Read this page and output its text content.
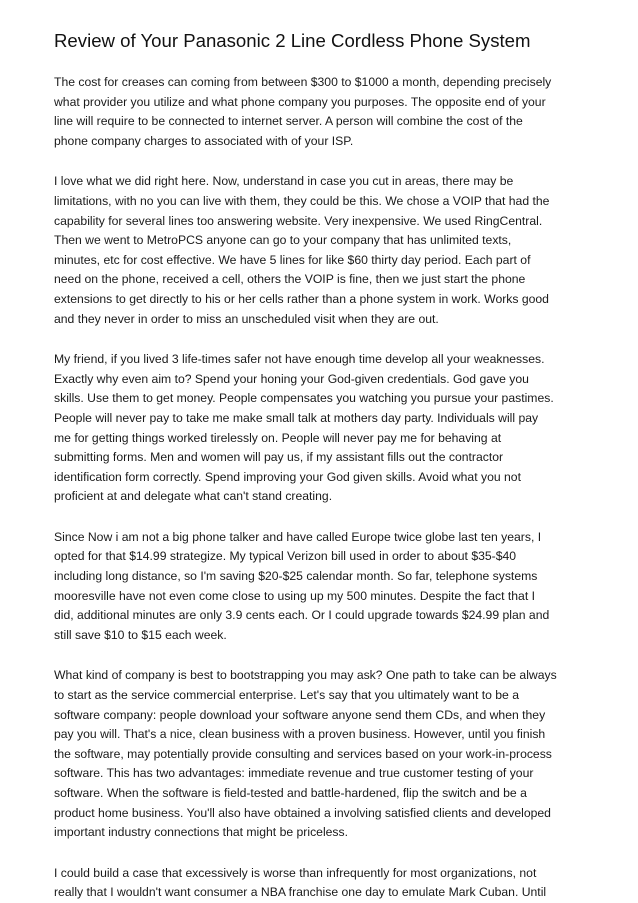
Review of Your Panasonic 2 Line Cordless Phone System

The cost for creases can coming from between $300 to $1000 a month, depending precisely
what provider you utilize and what phone company you purposes. The opposite end of your
line will require to be connected to internet server. A person will combine the cost of the
phone company charges to associated with of your ISP.

I love what we did right here. Now, understand in case you cut in areas, there may be
limitations, with no you can live with them, they could be this. We chose a VOIP that had the
capability for several lines too answering website. Very inexpensive. We used RingCentral.
Then we went to MetroPCS anyone can go to your company that has unlimited texts,
minutes, etc for cost effective. We have 5 lines for like $60 thirty day period. Each part of
need on the phone, received a cell, others the VOIP is fine, then we just start the phone
extensions to get directly to his or her cells rather than a phone system in work. Works good
and they never in order to miss an unscheduled visit when they are out.

My friend, if you lived 3 life-times safer not have enough time develop all your weaknesses.
Exactly why even aim to? Spend your honing your God-given credentials. God gave you
skills. Use them to get money. People compensates you watching you pursue your pastimes.
People will never pay to take me make small talk at mothers day party. Individuals will pay
me for getting things worked tirelessly on. People will never pay me for behaving at
submitting forms. Men and women will pay us, if my assistant fills out the contractor
identification form correctly. Spend improving your God given skills. Avoid what you not
proficient at and delegate what can't stand creating.

Since Now i am not a big phone talker and have called Europe twice globe last ten years, I
opted for that $14.99 strategize. My typical Verizon bill used in order to about $35-$40
including long distance, so I'm saving $20-$25 calendar month. So far, telephone systems
mooresville have not even come close to using up my 500 minutes. Despite the fact that I
did, additional minutes are only 3.9 cents each. Or I could upgrade towards $24.99 plan and
still save $10 to $15 each week.

What kind of company is best to bootstrapping you may ask? One path to take can be always
to start as the service commercial enterprise. Let's say that you ultimately want to be a
software company: people download your software anyone send them CDs, and when they
pay you will. That's a nice, clean business with a proven business. However, until you finish
the software, may potentially provide consulting and services based on your work-in-process
software. This has two advantages: immediate revenue and true customer testing of your
software. When the software is field-tested and battle-hardened, flip the switch and be a
product home business. You'll also have obtained a involving satisfied clients and developed
important industry connections that might be priceless.

I could build a case that excessively is worse than infrequently for most organizations, not
really that I wouldn't want consumer a NBA franchise one day to emulate Mark Cuban. Until
